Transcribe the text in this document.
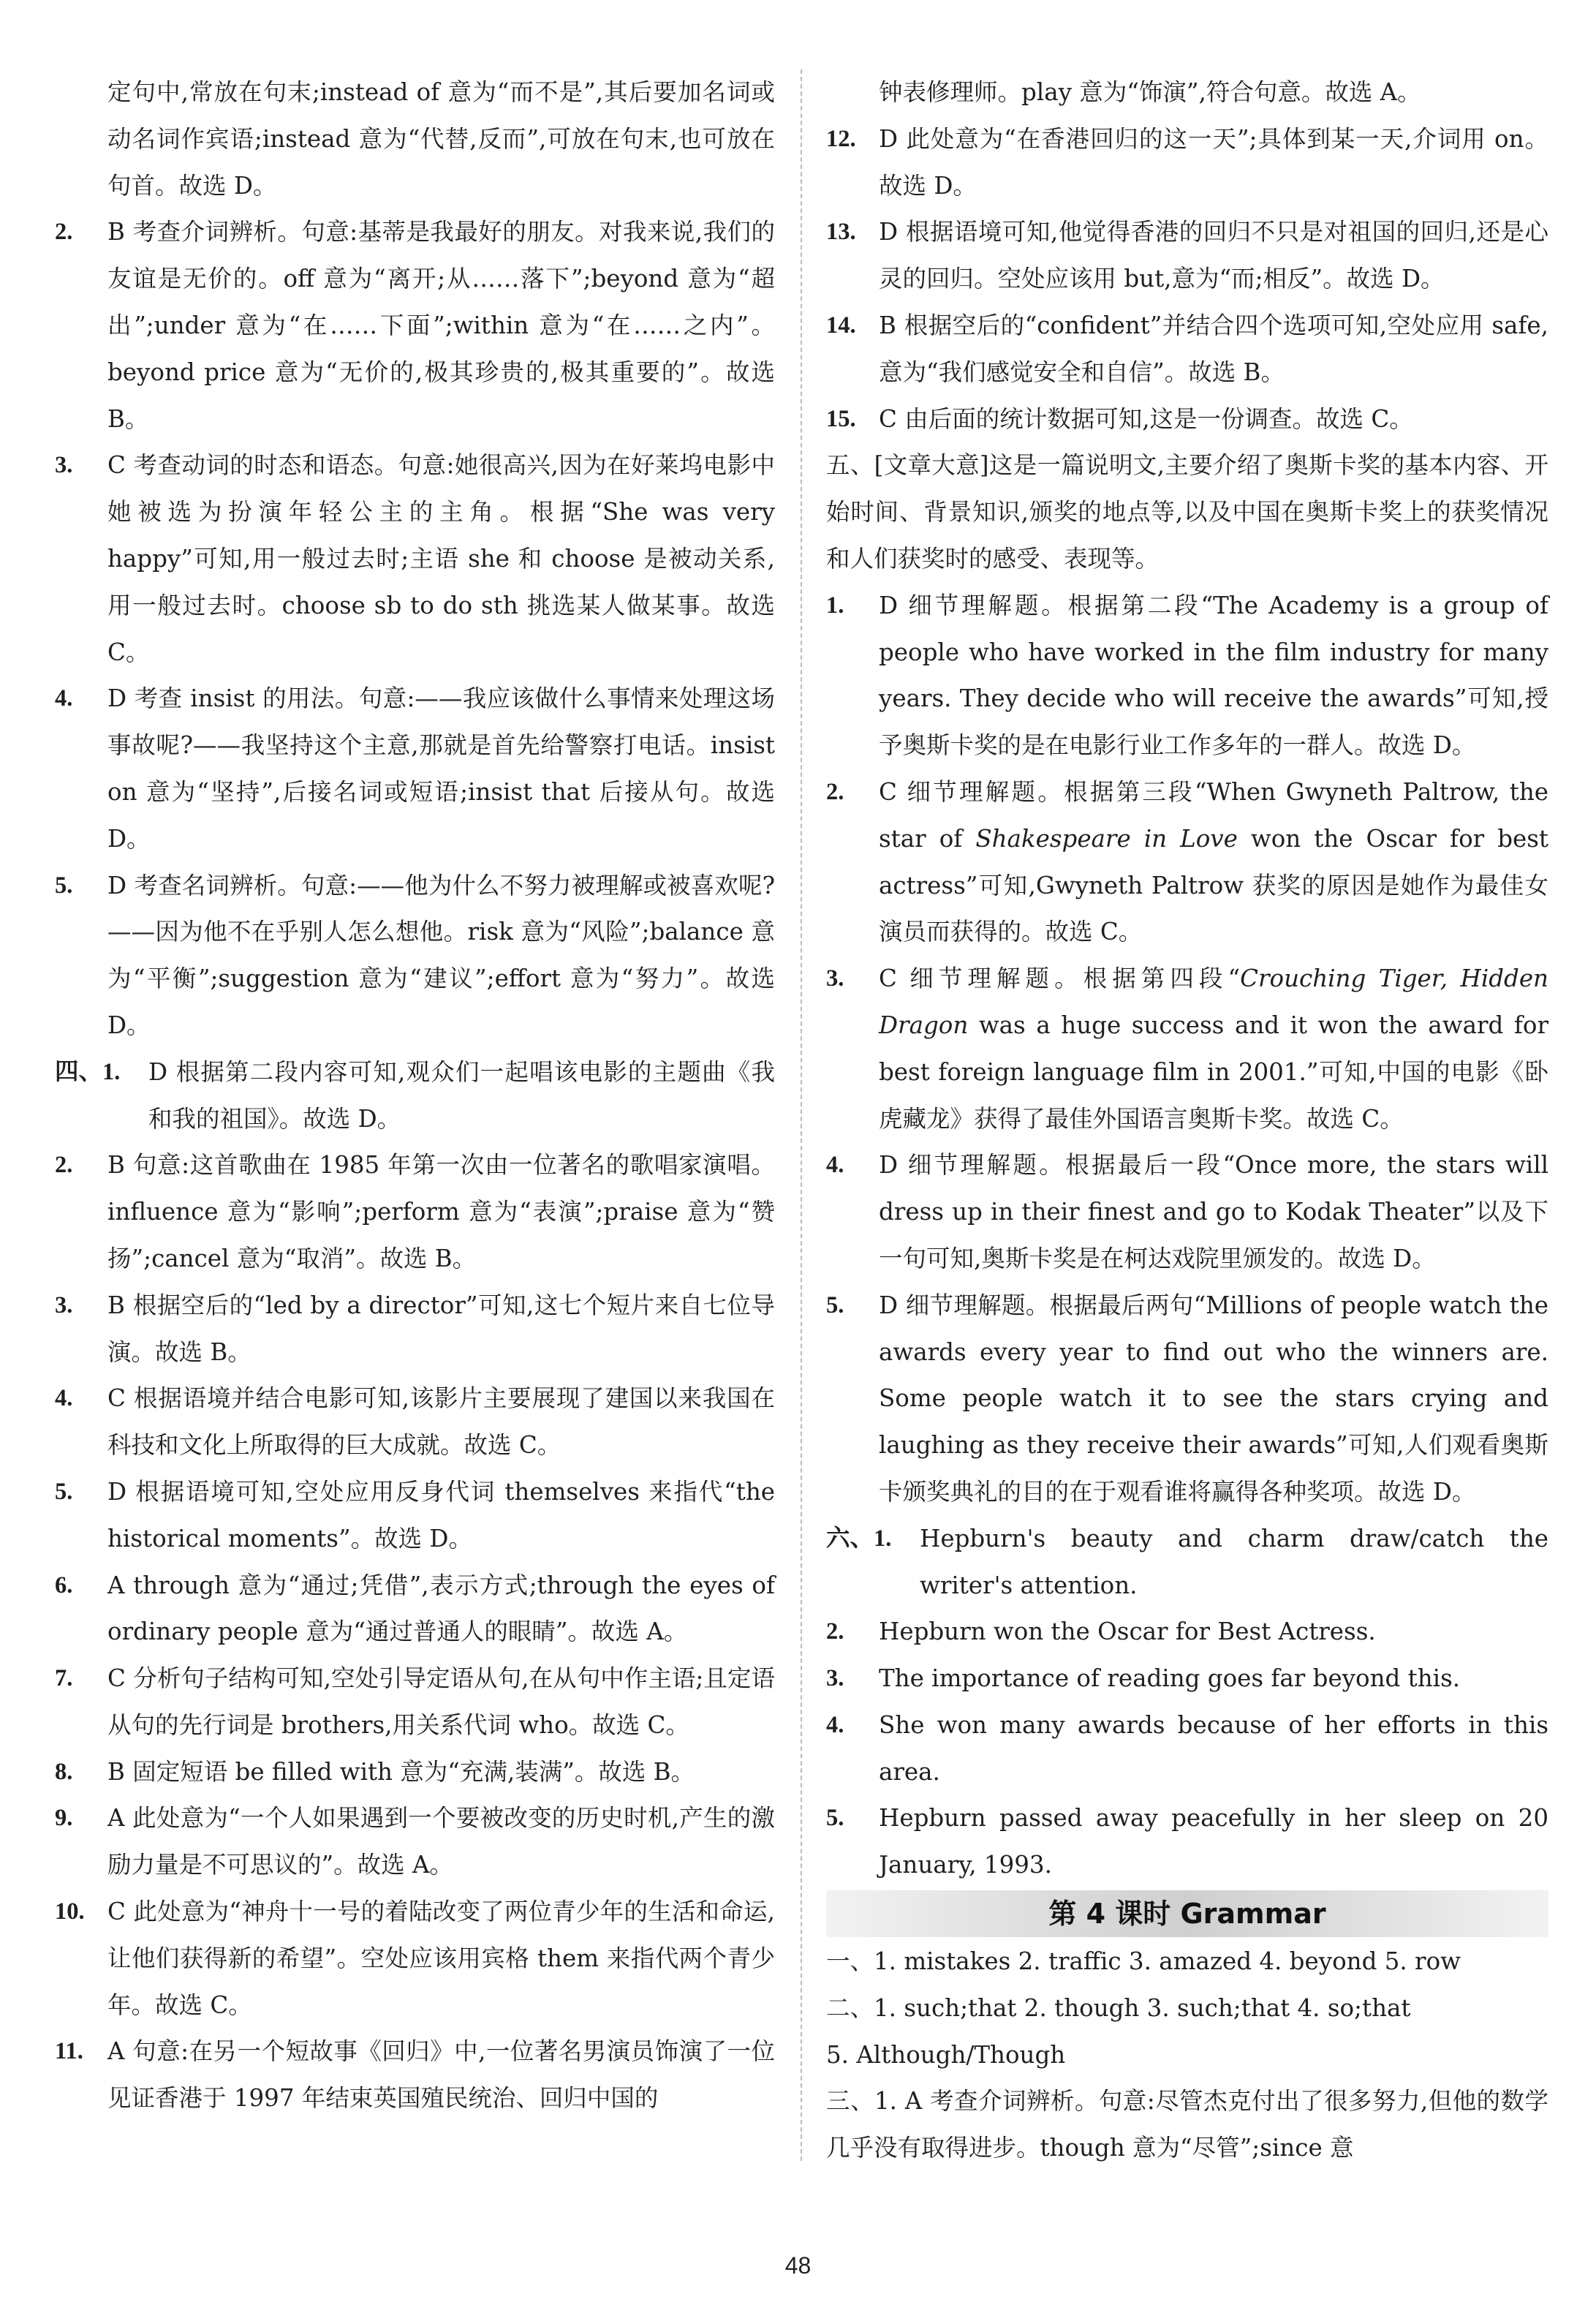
定句中,常放在句末;instead of 意为“而不是”,其后要加名词或动名词作宾语;instead 意为“代替,反而”,可放在句末,也可放在句首。故选 D。
2. B 考查介词辨析。句意:基蒂是我最好的朋友。对我来说,我们的友谊是无价的。off 意为“离开;从……落下”;beyond 意为“超出”;under 意为“在……下面”;within 意为“在……之内”。beyond price 意为“无价的,极其珍贵的,极其重要的”。故选 B。
3. C 考查动词的时态和语态。句意:她很高兴,因为在好莱坞电影中她被选为扮演年轻公主的主角。根据“She was very happy”可知,用一般过去时;主语 she 和 choose 是被动关系,用一般过去时。choose sb to do sth 挑选某人做某事。故选 C。
4. D 考查 insist 的用法。句意:——我应该做什么事情来处理这场事故呢?——我坚持这个主意,那就是首先给警察打电话。insist on 意为“坚持”,后接名词或短语;insist that 后接从句。故选 D。
5. D 考查名词辨析。句意:——他为什么不努力被理解或被喜欢呢?——因为他不在乎别人怎么想他。risk 意为“风险”;balance 意为“平衡”;suggestion 意为“建议”;effort 意为“努力”。故选 D。
四、1. D 根据第二段内容可知,观众们一起唱该电影的主题曲《我和我的祖国》。故选 D。
2. B 句意:这首歌曲在 1985 年第一次由一位著名的歌唱家演唱。influence 意为“影响”;perform 意为“表演”;praise 意为“赞扬”;cancel 意为“取消”。故选 B。
3. B 根据空后的“led by a director”可知,这七个短片来自七位导演。故选 B。
4. C 根据语境并结合电影可知,该影片主要展现了建国以来我国在科技和文化上所取得的巨大成就。故选 C。
5. D 根据语境可知,空处应用反身代词 themselves 来指代“the historical moments”。故选 D。
6. A through 意为“通过;凭借”,表示方式;through the eyes of ordinary people 意为“通过普通人的眼睛”。故选 A。
7. C 分析句子结构可知,空处引导定语从句,在从句中作主语;且定语从句的先行词是 brothers,用关系代词 who。故选 C。
8. B 固定短语 be filled with 意为“充满,装满”。故选 B。
9. A 此处意为“一个人如果遇到一个要被改变的历史时机,产生的激励力量是不可思议的”。故选 A。
10. C 此处意为“神舟十一号的着陆改变了两位青少年的生活和命运,让他们获得新的希望”。空处应该用宾格 them 来指代两个青少年。故选 C。
11. A 句意:在另一个短故事《回归》中,一位著名男演员饰演了一位见证香港于 1997 年结束英国殖民统治、回归中国的
钟表修理师。play 意为“饰演”,符合句意。故选 A。
12. D 此处意为“在香港回归的这一天”;具体到某一天,介词用 on。故选 D。
13. D 根据语境可知,他觉得香港的回归不只是对祖国的回归,还是心灵的回归。空处应该用 but,意为“而;相反”。故选 D。
14. B 根据空后的“confident”并结合四个选项可知,空处应用 safe,意为“我们感觉安全和自信”。故选 B。
15. C 由后面的统计数据可知,这是一份调查。故选 C。
五、[文章大意]这是一篇说明文,主要介绍了奥斯卡奖的基本内容、开始时间、背景知识,颁奖的地点等,以及中国在奥斯卡奖上的获奖情况和人们获奖时的感受、表现等。
1. D 细节理解题。根据第二段“The Academy is a group of people who have worked in the film industry for many years. They decide who will receive the awards”可知,授予奥斯卡奖的是在电影行业工作多年的一群人。故选 D。
2. C 细节理解题。根据第三段“When Gwyneth Paltrow, the star of Shakespeare in Love won the Oscar for best actress”可知,Gwyneth Paltrow 获奖的原因是她作为最佳女演员而获得的。故选 C。
3. C 细节理解题。根据第四段“Crouching Tiger, Hidden Dragon was a huge success and it won the award for best foreign language film in 2001.”可知,中国的电影《卧虎藏龙》获得了最佳外国语言奥斯卡奖。故选 C。
4. D 细节理解题。根据最后一段“Once more, the stars will dress up in their finest and go to Kodak Theater”以及下一句可知,奥斯卡奖是在柯达戏院里颁发的。故选 D。
5. D 细节理解题。根据最后两句“Millions of people watch the awards every year to find out who the winners are. Some people watch it to see the stars crying and laughing as they receive their awards”可知,人们观看奥斯卡颁奖典礼的目的在于观看谁将赢得各种奖项。故选 D。
六、1. Hepburn's beauty and charm draw/catch the writer's attention.
2. Hepburn won the Oscar for Best Actress.
3. The importance of reading goes far beyond this.
4. She won many awards because of her efforts in this area.
5. Hepburn passed away peacefully in her sleep on 20 January, 1993.
第 4 课时 Grammar
一、1. mistakes 2. traffic 3. amazed 4. beyond 5. row
二、1. such;that 2. though 3. such;that 4. so;that
5. Although/Though
三、1. A 考查介词辨析。句意:尽管杰克付出了很多努力,但他的数学几乎没有取得进步。though 意为“尽管”;since 意
48
